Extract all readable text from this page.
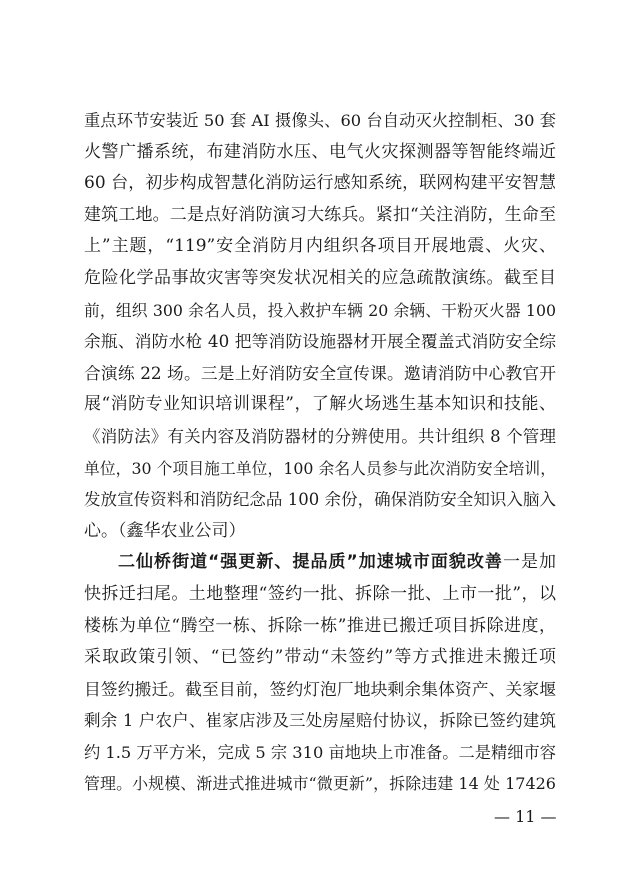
重点环节安装近 50 套 AI 摄像头、60 台自动灭火控制柜、30 套
火警广播系统，布建消防水压、电气火灾探测器等智能终端近
60 台，初步构成智慧化消防运行感知系统，联网构建平安智慧
建筑工地。二是点好消防演习大练兵。紧扣“关注消防，生命至
上”主题，“119”安全消防月内组织各项目开展地震、火灾、
危险化学品事故灾害等突发状况相关的应急疏散演练。截至目
前，组织 300 余名人员，投入救护车辆 20 余辆、干粉灭火器 100
余瓶、消防水枪 40 把等消防设施器材开展全覆盖式消防安全综
合演练 22 场。三是上好消防安全宣传课。邀请消防中心教官开
展“消防专业知识培训课程”，了解火场逃生基本知识和技能、
《消防法》有关内容及消防器材的分辨使用。共计组织 8 个管理
单位，30 个项目施工单位，100 余名人员参与此次消防安全培训，
发放宣传资料和消防纪念品 100 余份，确保消防安全知识入脑入
心。（鑫华农业公司）
二仙桥街道“强更新、提品质”加速城市面貌改善一是加
快拆迁扫尾。土地整理“签约一批、拆除一批、上市一批”，以
楼栋为单位“腾空一栋、拆除一栋”推进已搬迁项目拆除进度，
采取政策引领、“已签约”带动“未签约”等方式推进未搬迁项
目签约搬迁。截至目前，签约灯泡厂地块剩余集体资产、关家堰
剩余 1 户农户、崔家店涉及三处房屋赔付协议，拆除已签约建筑
约 1.5 万平方米，完成 5 宗 310 亩地块上市准备。二是精细市容
管理。小规模、渐进式推进城市“微更新”，拆除违建 14 处 17426
— 11 —
